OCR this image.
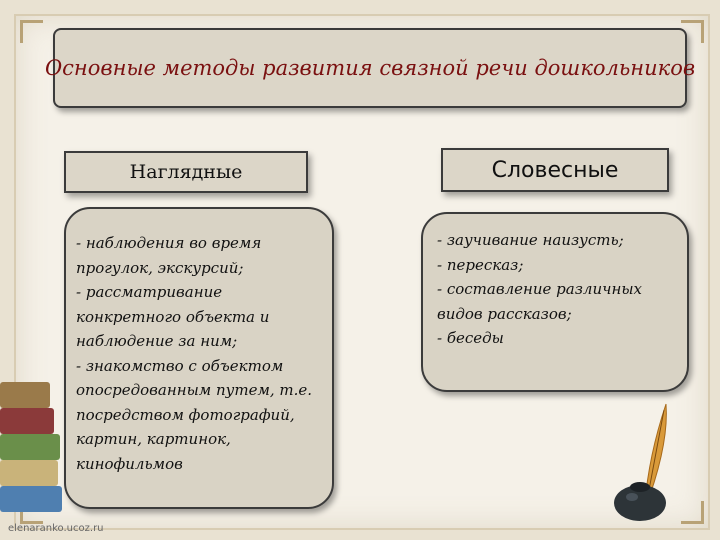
Основные методы развития связной речи дошкольников
Наглядные	Словесные
- наблюдения во время прогулок, экскурсий;
- рассматривание конкретного объекта и наблюдение за ним;
- знакомство с объектом опосредованным путем, т.е. посредством фотографий, картин, картинок, кинофильмов
- заучивание наизусть;
- пересказ;
- составление различных видов рассказов;
- беседы
elenaranko.ucoz.ru
